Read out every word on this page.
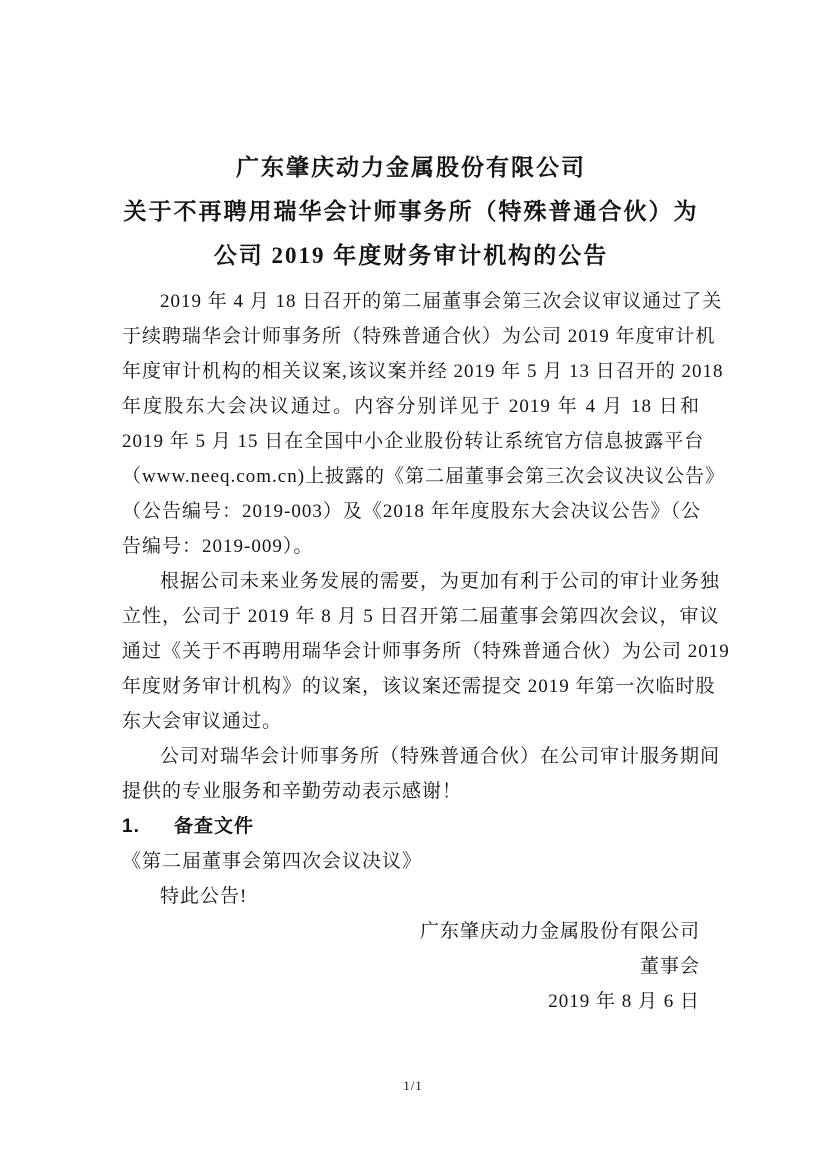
广东肇庆动力金属股份有限公司
关于不再聘用瑞华会计师事务所（特殊普通合伙）为
公司 2019 年度财务审计机构的公告
2019 年 4 月 18 日召开的第二届董事会第三次会议审议通过了关
于续聘瑞华会计师事务所（特殊普通合伙）为公司 2019 年度审计机
年度审计机构的相关议案,该议案并经 2019 年 5 月 13 日召开的 2018
年度股东大会决议通过。内容分别详见于 2019 年 4 月 18 日和
2019 年 5 月 15 日在全国中小企业股份转让系统官方信息披露平台
（www.neeq.com.cn)上披露的《第二届董事会第三次会议决议公告》
（公告编号：2019-003）及《2018 年年度股东大会决议公告》（公
告编号：2019-009）。
根据公司未来业务发展的需要，为更加有利于公司的审计业务独
立性，公司于 2019 年 8 月 5 日召开第二届董事会第四次会议，审议
通过《关于不再聘用瑞华会计师事务所（特殊普通合伙）为公司 2019
年度财务审计机构》的议案，该议案还需提交 2019 年第一次临时股
东大会审议通过。
公司对瑞华会计师事务所（特殊普通合伙）在公司审计服务期间
提供的专业服务和辛勤劳动表示感谢！
1. 备查文件
《第二届董事会第四次会议决议》
特此公告!
广东肇庆动力金属股份有限公司
董事会
2019 年 8 月 6 日
1/1
